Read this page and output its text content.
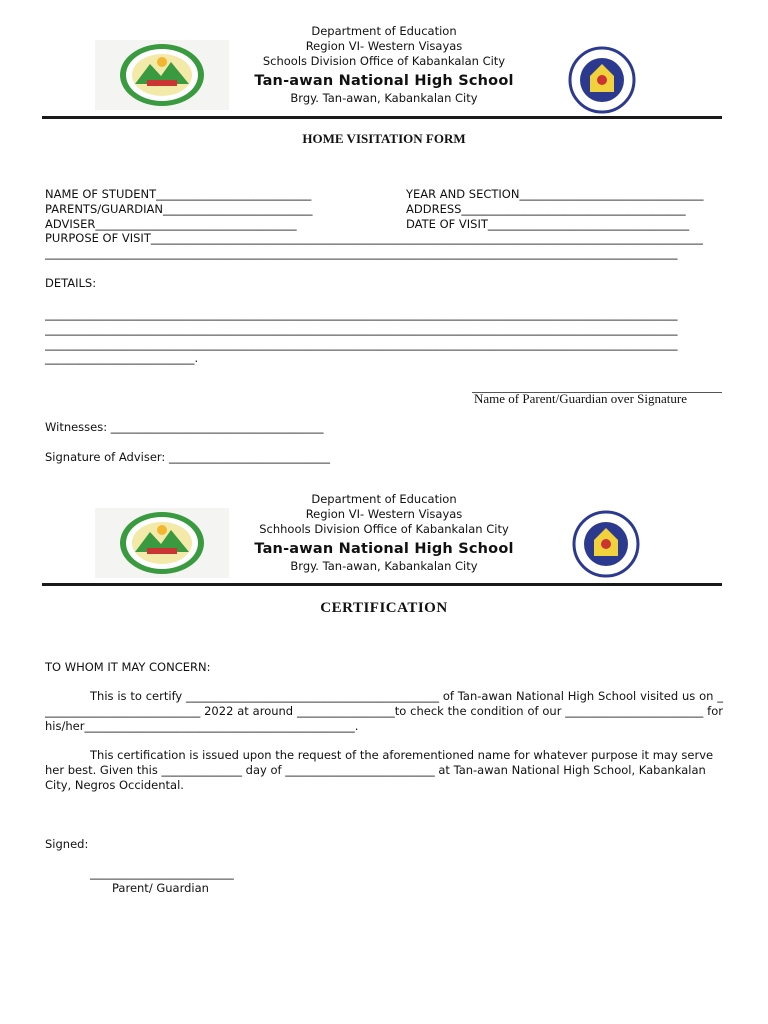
Department of Education
Region VI- Western Visayas
Schools Division Office of Kabankalan City
Tan-awan National High School
Brgy. Tan-awan, Kabankalan City
HOME VISITATION FORM
NAME OF STUDENT___________________________	YEAR AND SECTION________________________________
PARENTS/GUARDIAN__________________________	ADDRESS_______________________________________
ADVISER___________________________________	DATE OF VISIT___________________________________
PURPOSE OF VISIT________________________________________________________________________________________________
______________________________________________________________________________________________________________
DETAILS:
______________________________________________________________________________________________________________
______________________________________________________________________________________________________________
______________________________________________________________________________________________________________
__________________________.
Name of Parent/Guardian over Signature
Witnesses: _____________________________________
Signature of Adviser: ____________________________
Department of Education
Region VI- Western Visayas
Schhools Division Office of Kabankalan City
Tan-awan National High School
Brgy. Tan-awan, Kabankalan City
CERTIFICATION
TO WHOM IT MAY CONCERN:
This is to certify ____________________________________________ of Tan-awan National High School visited us on ____________________________ 2022 at around _________________to check the condition of our ________________________ for his/her_______________________________________________.
This certification is issued upon the request of the aforementioned name for whatever purpose it may serve her best. Given this ______________ day of __________________________ at Tan-awan National High School, Kabankalan City, Negros Occidental.
Signed:
_________________________
Parent/ Guardian
